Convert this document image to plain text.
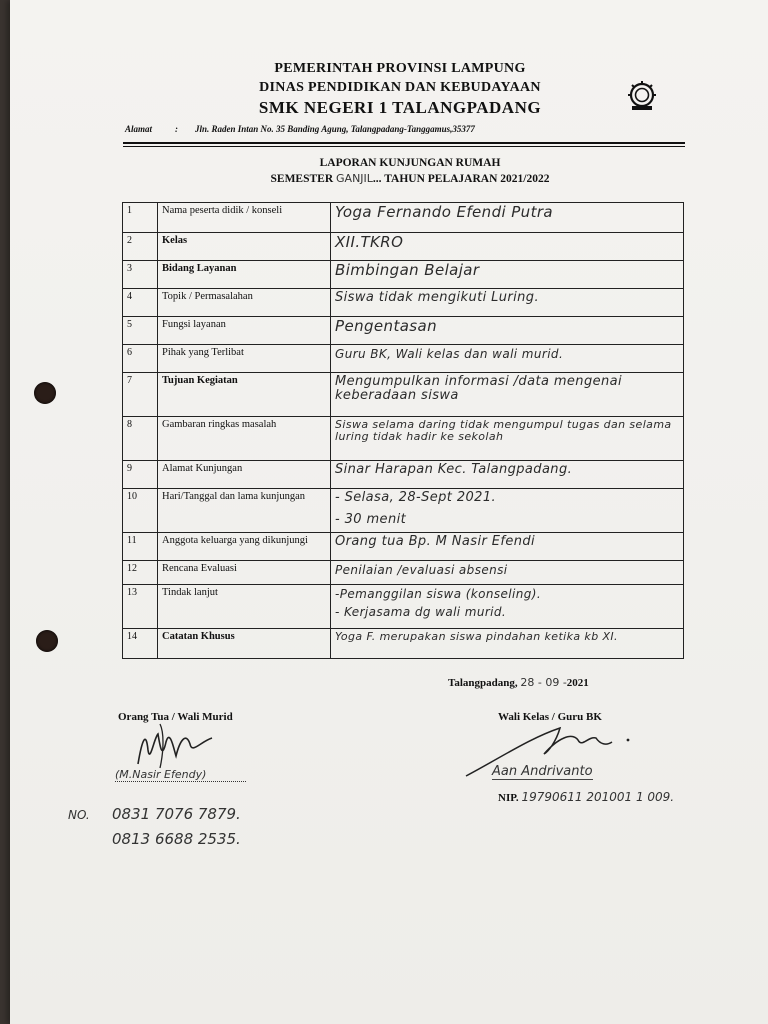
PEMERINTAH PROVINSI LAMPUNG
DINAS PENDIDIKAN DAN KEBUDAYAAN
SMK NEGERI 1 TALANGPADANG
Alamat	: Jln. Raden Intan No. 35 Banding Agung, Talangpadang-Tanggamus,35377
LAPORAN KUNJUNGAN RUMAH
SEMESTER GANJIL... TAHUN PELAJARAN 2021/2022
1	Nama peserta didik / konseli	Yoga Fernando Efendi Putra
2	Kelas	XII.TKRO
3	Bidang Layanan	Bimbingan Belajar
4	Topik / Permasalahan	Siswa tidak mengikuti Luring.
5	Fungsi layanan	Pengentasan
6	Pihak yang Terlibat	Guru BK, Wali kelas dan wali murid.
7	Tujuan Kegiatan	Mengumpulkan informasi /data mengenai keberadaan siswa
8	Gambaran ringkas masalah	Siswa selama daring tidak mengumpul tugas dan selama luring tidak hadir ke sekolah
9	Alamat Kunjungan	Sinar Harapan Kec. Talangpadang.
10	Hari/Tanggal dan lama kunjungan	- Selasa, 28-Sept 2021.
- 30 menit

11	Anggota keluarga yang dikunjungi	Orang tua Bp. M Nasir Efendi
12	Rencana Evaluasi	Penilaian /evaluasi absensi
13	Tindak lanjut	-Pemanggilan siswa (konseling).
- Kerjasama dg wali murid.

14	Catatan Khusus	Yoga F. merupakan siswa pindahan ketika kb XI.
Talangpadang, 28 - 09 -2021
Orang Tua / Wali Murid
(M.Nasir Efendy)
Wali Kelas / Guru BK
Aan Andrivanto
NIP. 19790611 201001 1 009.
NO. 0831 7076 7879.
0813 6688 2535.
